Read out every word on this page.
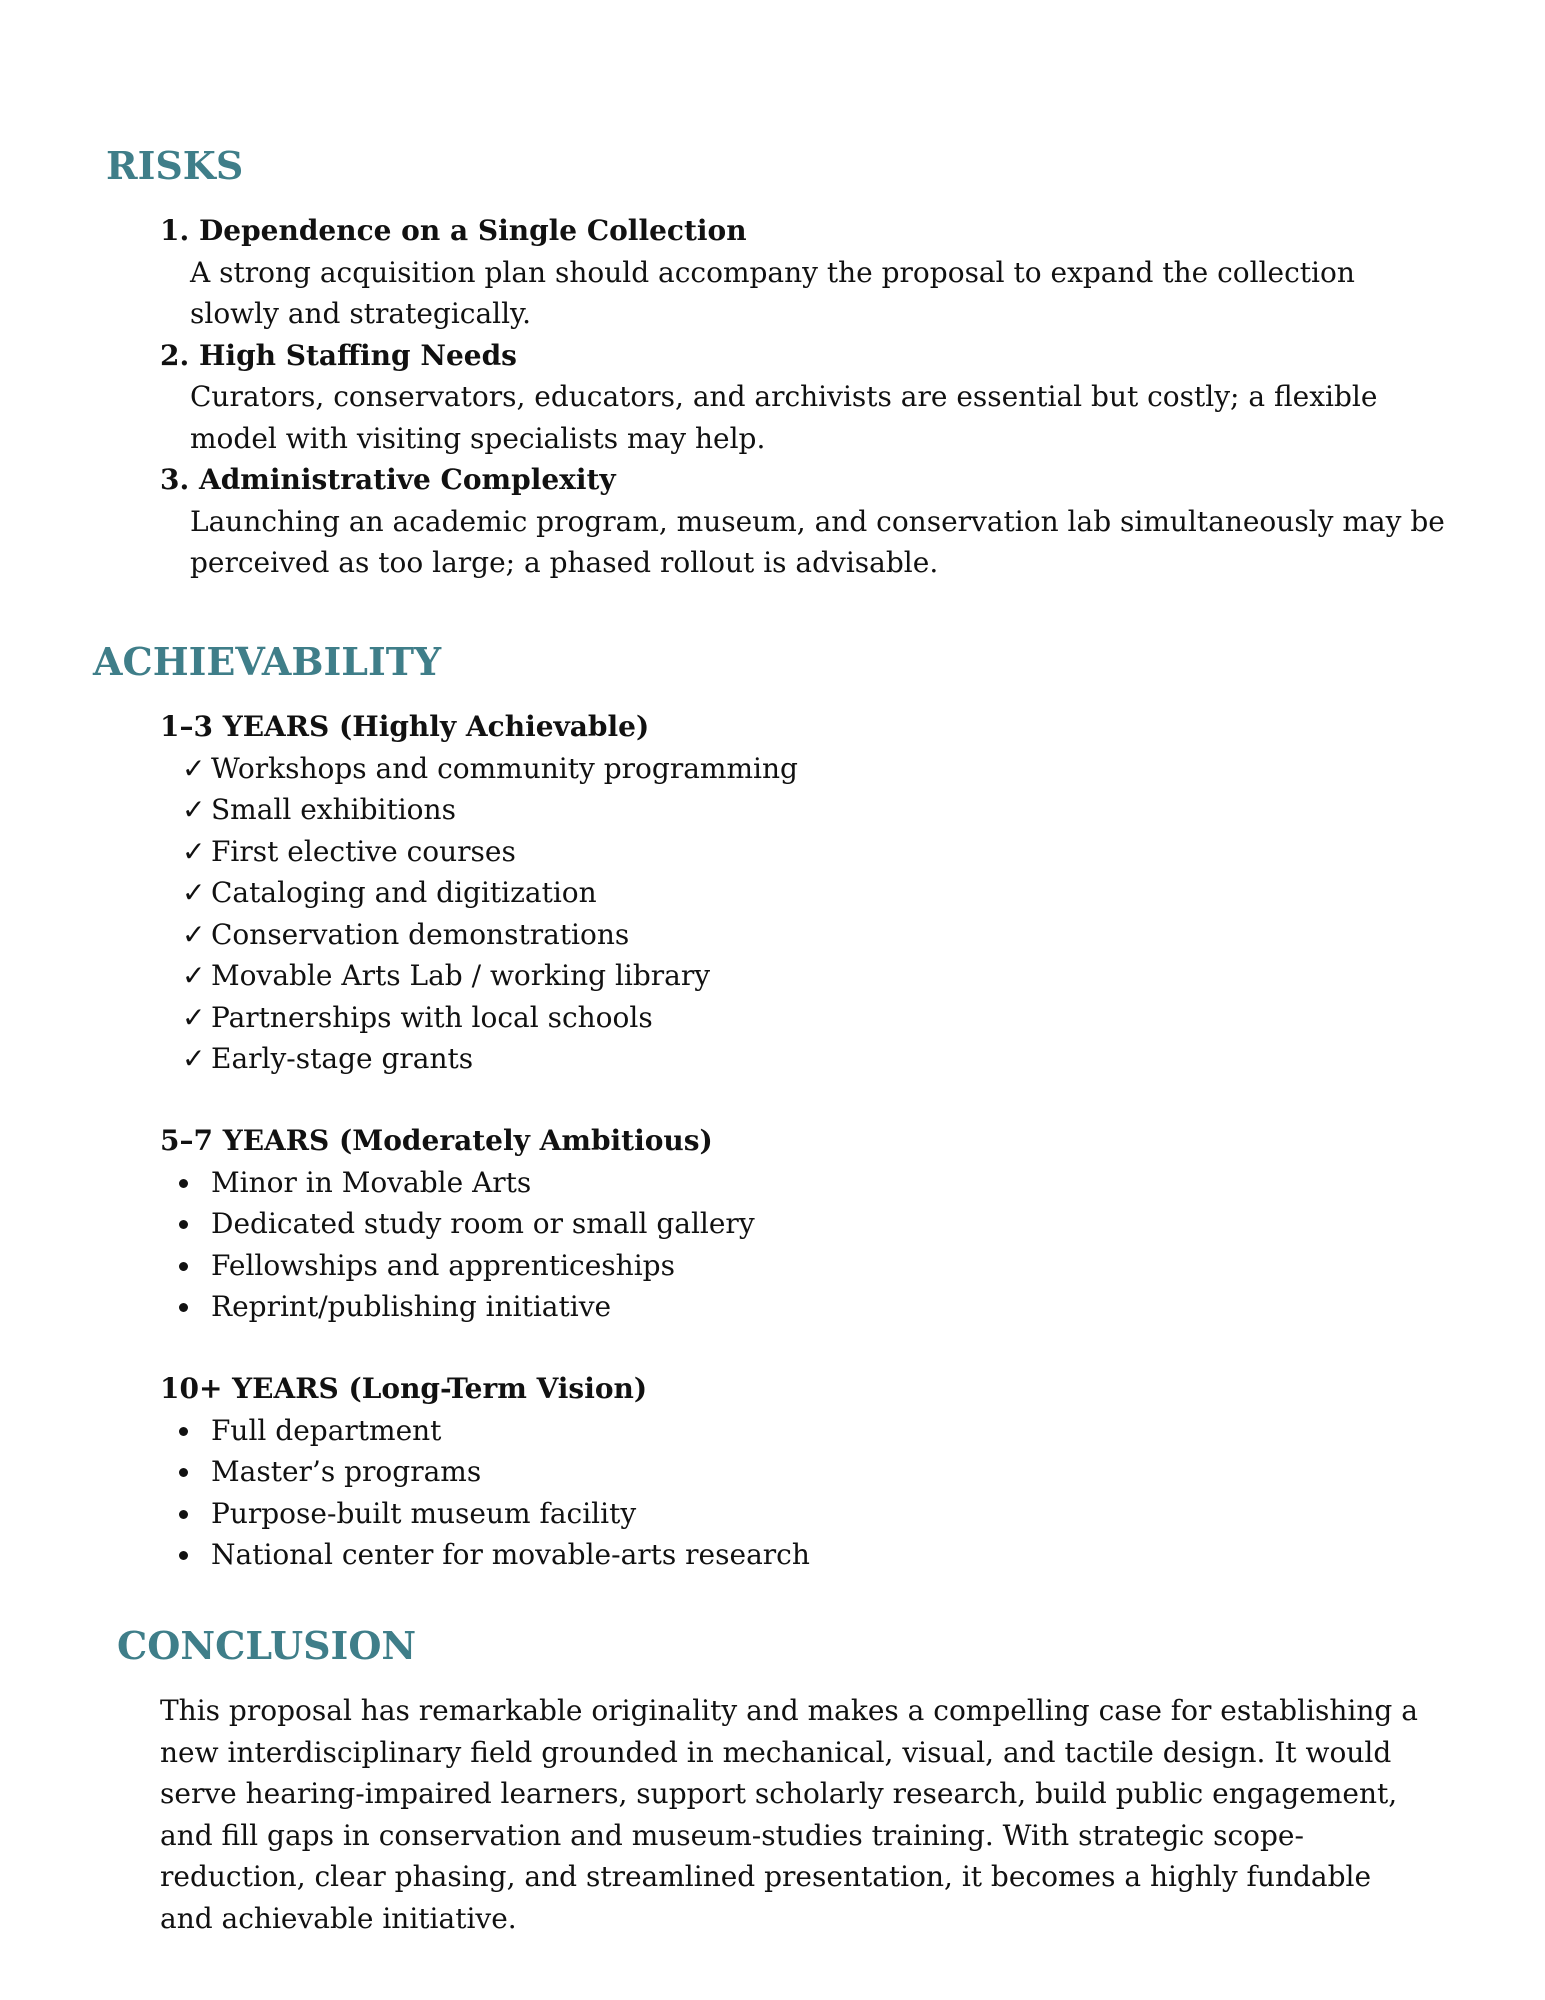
RISKS
1. Dependence on a Single Collection
A strong acquisition plan should accompany the proposal to expand the collection slowly and strategically.
2. High Staffing Needs
Curators, conservators, educators, and archivists are essential but costly; a flexible model with visiting specialists may help.
3. Administrative Complexity
Launching an academic program, museum, and conservation lab simultaneously may be perceived as too large; a phased rollout is advisable.
ACHIEVABILITY

1–3 YEARS (Highly Achievable)

✓ Workshops and community programming
✓ Small exhibitions
✓ First elective courses
✓ Cataloging and digitization
✓ Conservation demonstrations
✓ Movable Arts Lab / working library
✓ Partnerships with local schools
✓ Early-stage grants

5–7 YEARS (Moderately Ambitious)

Minor in Movable Arts
Dedicated study room or small gallery
Fellowships and apprenticeships
Reprint/publishing initiative

10+ YEARS (Long-Term Vision)

Full department
Master’s programs
Purpose-built museum facility
National center for movable-arts research
CONCLUSION

This proposal has remarkable originality and makes a compelling case for establishing a new interdisciplinary field grounded in mechanical, visual, and tactile design. It would serve hearing-impaired learners, support scholarly research, build public engagement, and fill gaps in conservation and museum-studies training. With strategic scope-reduction, clear phasing, and streamlined presentation, it becomes a highly fundable and achievable initiative.
